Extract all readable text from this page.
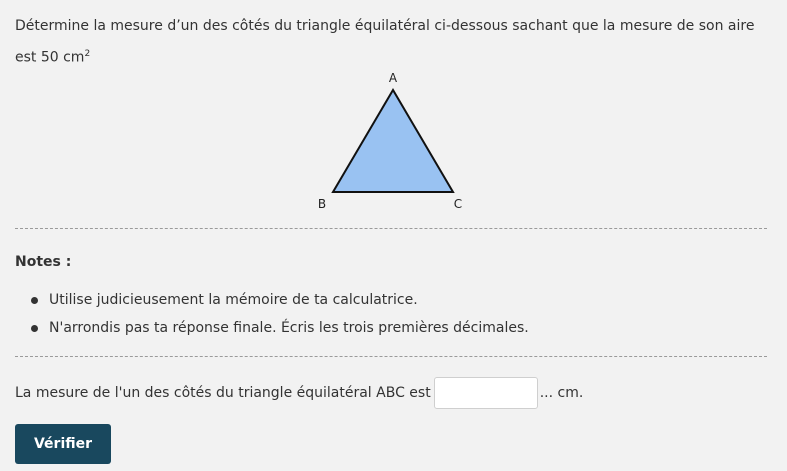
Détermine la mesure d’un des côtés du triangle équilatéral ci-dessous sachant que la mesure de son aire est 50 $cm^2$
A
B	C
Notes :
Utilise judicieusement la mémoire de ta calculatrice.
N'arrondis pas ta réponse finale. Écris les trois premières décimales.
La mesure de l'un des côtés du triangle équilatéral ABC est	... cm.
Vérifier
